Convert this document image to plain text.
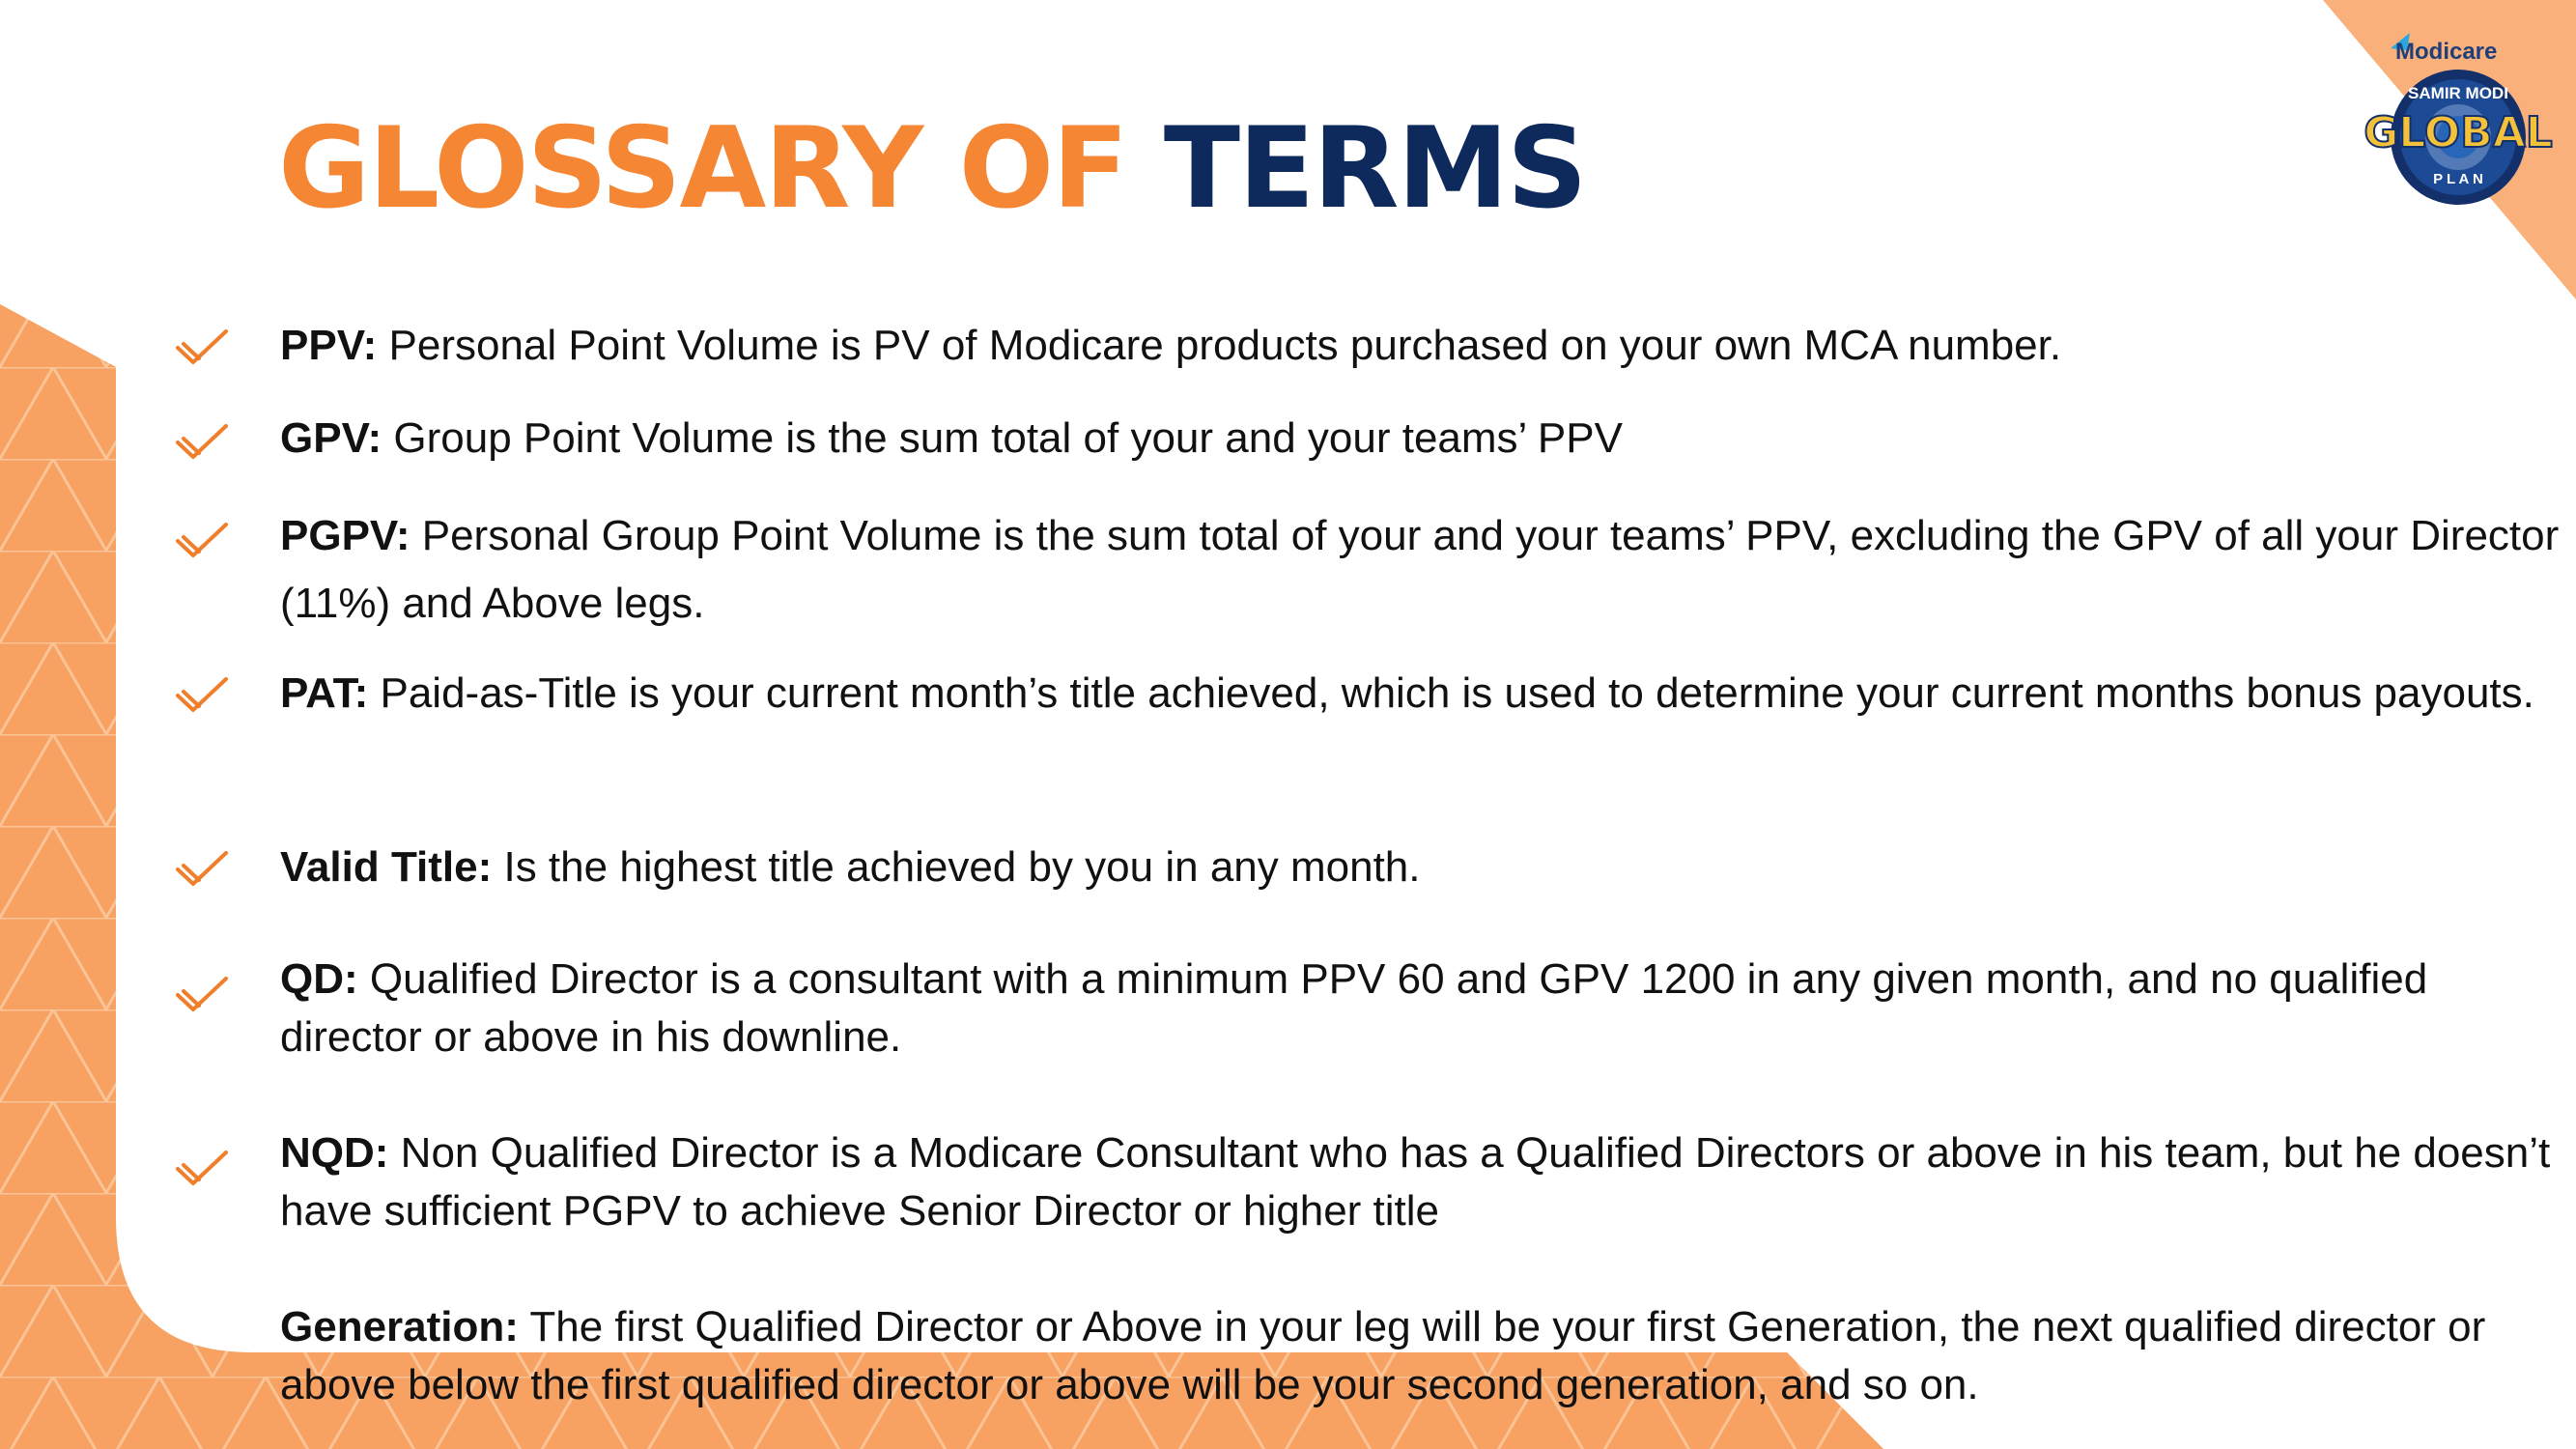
GLOBAL
SAMIR MODI
P L A N
Modicare
GLOSSARY OF TERMS

PPV: Personal Point Volume is PV of Modicare products purchased on your own MCA number.

GPV: Group Point Volume is the sum total of your and your teams’ PPV

PGPV: Personal Group Point Volume is the sum total of your and your teams’ PPV, excluding the GPV of all your Director (11%) and Above legs.

PAT: Paid-as-Title is your current month’s title achieved, which is used to determine your current months bonus payouts.

Valid Title: Is the highest title achieved by you in any month.

QD: Qualified Director is a consultant with a minimum PPV 60 and GPV 1200 in any given month, and no qualified director or above in his downline.

NQD: Non Qualified Director is a Modicare Consultant who has a Qualified Directors or above in his team, but he doesn’t have sufficient PGPV to achieve Senior Director or higher title

Generation: The first Qualified Director or Above in your leg will be your first Generation, the next qualified director or above below the first qualified director or above will be your second generation, and so on.
